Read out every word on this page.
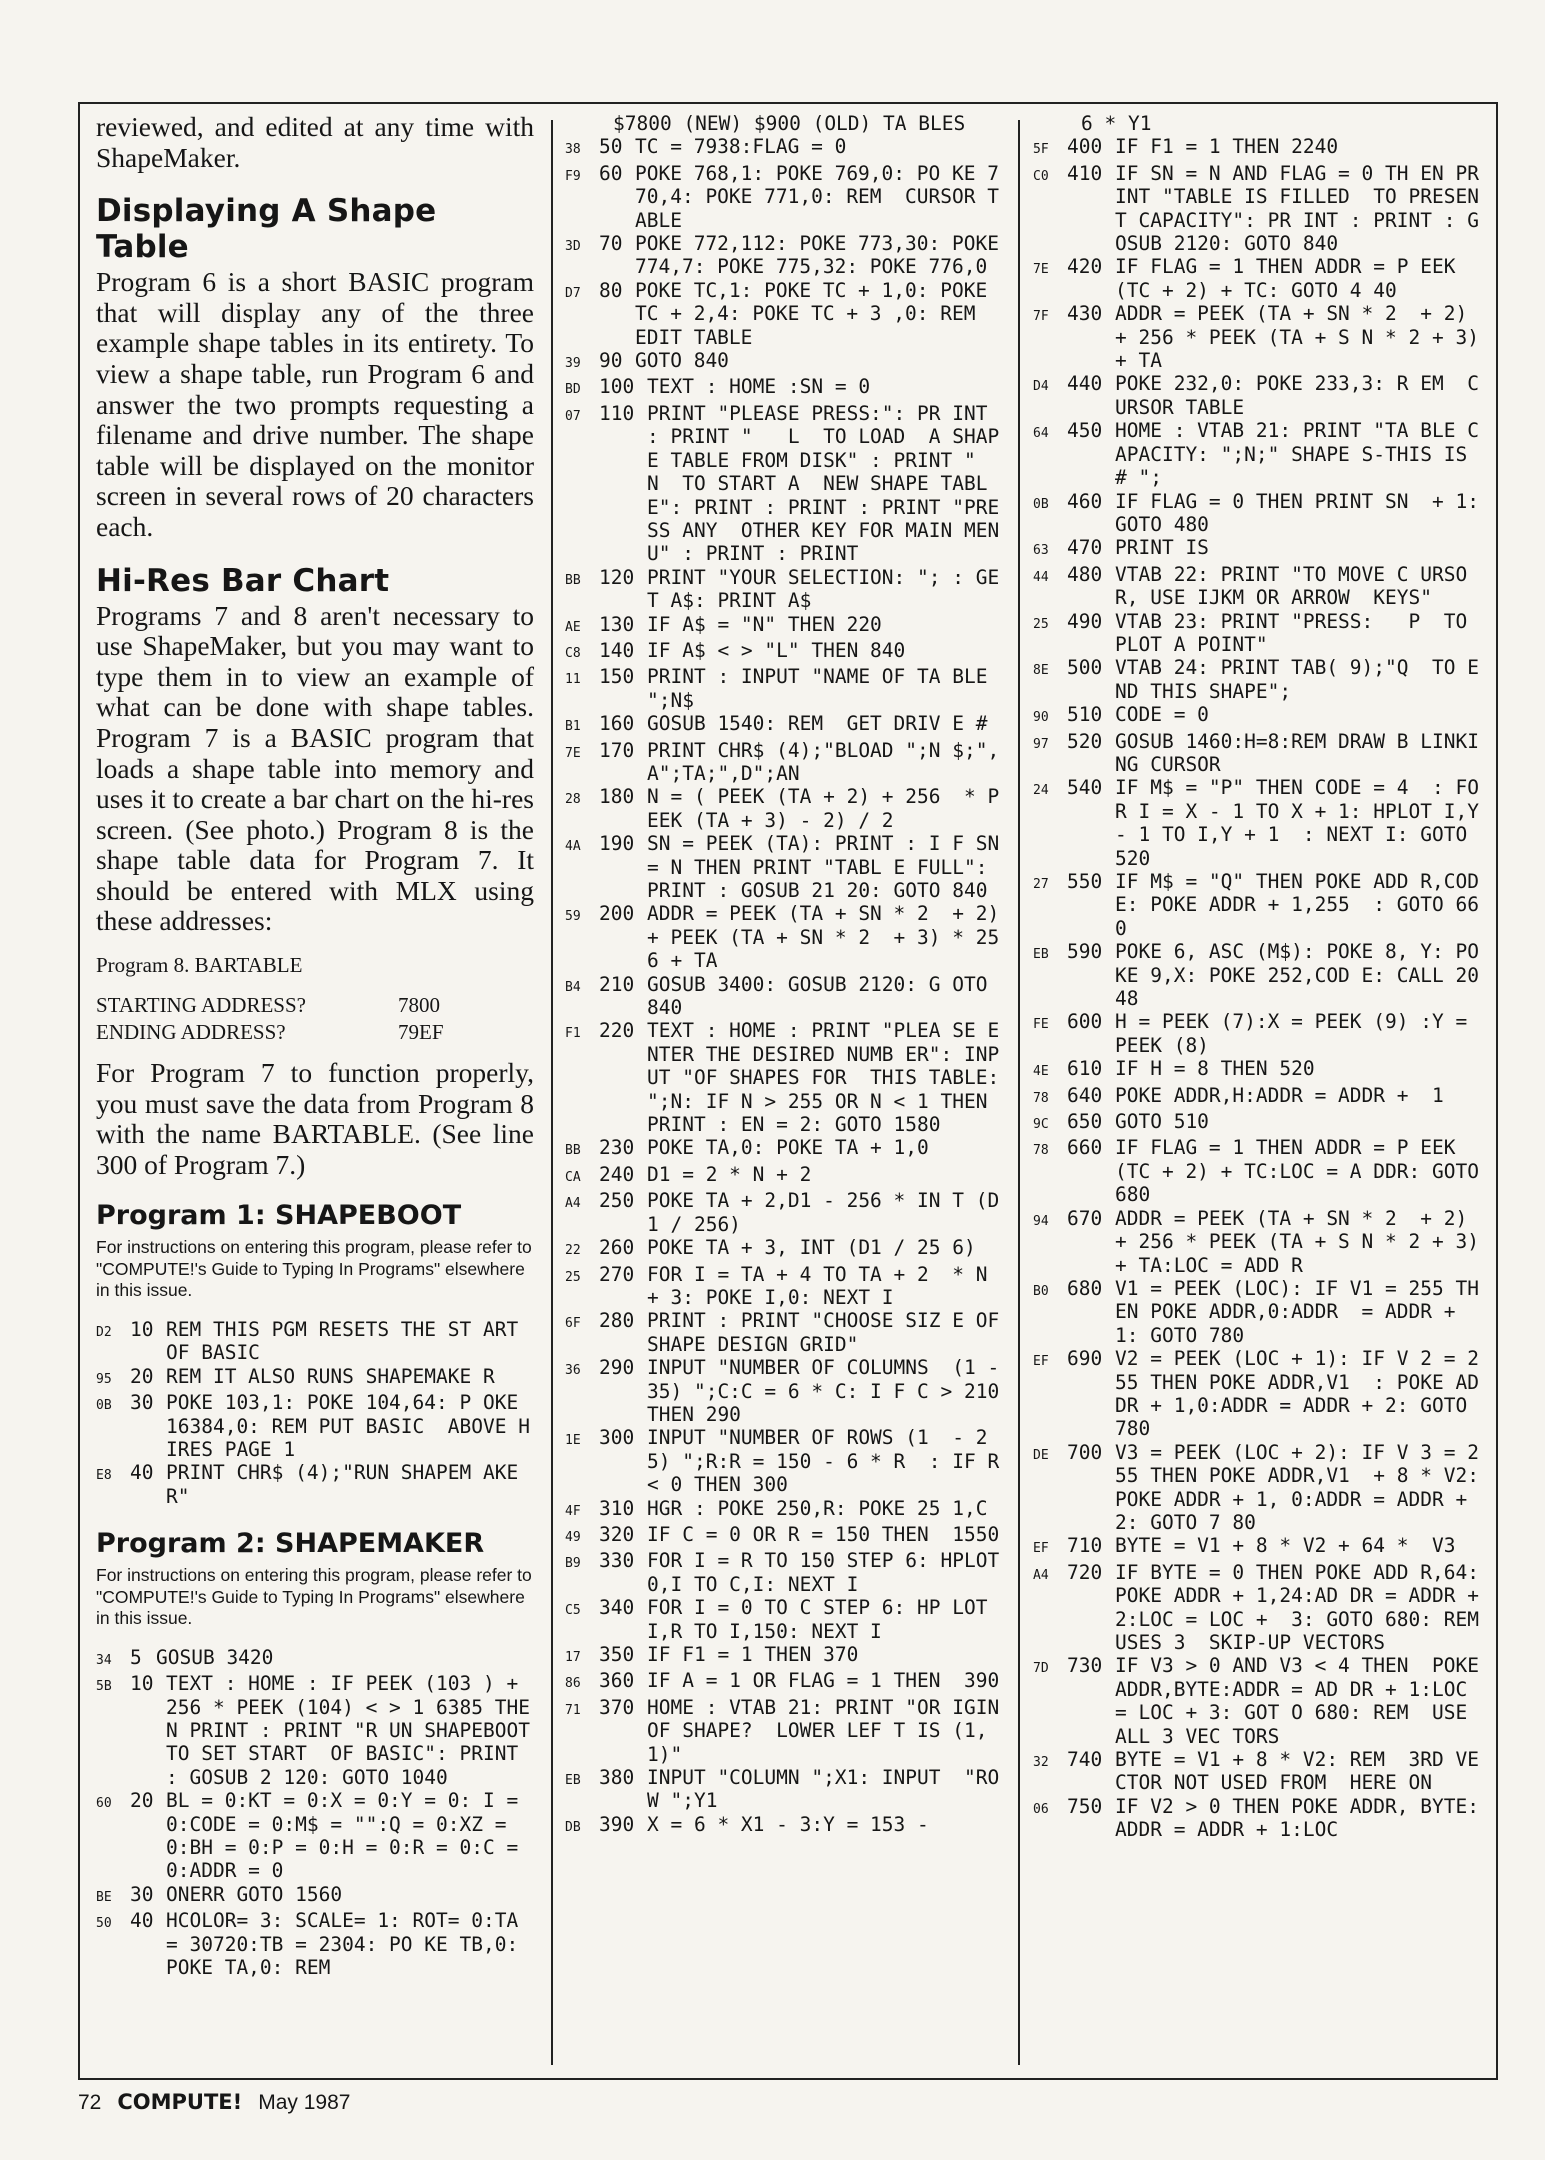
reviewed, and edited at any time with ShapeMaker.

Displaying A Shape Table

Program 6 is a short BASIC program that will display any of the three example shape tables in its entirety. To view a shape table, run Program 6 and answer the two prompts requesting a filename and drive number. The shape table will be displayed on the monitor screen in several rows of 20 characters each.

Hi-Res Bar Chart

Programs 7 and 8 aren't necessary to use ShapeMaker, but you may want to type them in to view an example of what can be done with shape tables. Program 7 is a BASIC program that loads a shape table into memory and uses it to create a bar chart on the hi-res screen. (See photo.) Program 8 is the shape table data for Program 7. It should be entered with MLX using these addresses:

Program 8. BARTABLE
STARTING ADDRESS?	7800
ENDING ADDRESS?	79EF

For Program 7 to function properly, you must save the data from Program 8 with the name BARTABLE. (See line 300 of Program 7.)

Program 1: SHAPEBOOT

For instructions on entering this program, please refer to "COMPUTE!'s Guide to Typing In Programs" elsewhere in this issue.

D2 10 REM THIS PGM RESETS THE ST ART OF BASIC
95 20 REM IT ALSO RUNS SHAPEMAKE R
0B 30 POKE 103,1: POKE 104,64: P OKE 16384,0: REM PUT BASIC  ABOVE HIRES PAGE 1
E8 40 PRINT CHR$ (4);"RUN SHAPEM AKER"
Program 2: SHAPEMAKER

For instructions on entering this program, please refer to "COMPUTE!'s Guide to Typing In Programs" elsewhere in this issue.

34 5 GOSUB 3420
5B 10 TEXT : HOME : IF PEEK (103 ) + 256 * PEEK (104) < > 1 6385 THEN PRINT : PRINT "R UN SHAPEBOOT TO SET START  OF BASIC": PRINT : GOSUB 2 120: GOTO 1040
60 20 BL = 0:KT = 0:X = 0:Y = 0: I = 0:CODE = 0:M$ = "":Q = 0:XZ = 0:BH = 0:P = 0:H = 0:R = 0:C = 0:ADDR = 0
BE 30 ONERR GOTO 1560
50 40 HCOLOR= 3: SCALE= 1: ROT= 0:TA = 30720:TB = 2304: PO KE TB,0: POKE TA,0: REM
$7800 (NEW) $900 (OLD) TA BLES
38 50 TC = 7938:FLAG = 0
F9 60 POKE 768,1: POKE 769,0: PO KE 770,4: POKE 771,0: REM  CURSOR TABLE
3D 70 POKE 772,112: POKE 773,30: POKE 774,7: POKE 775,32: POKE 776,0
D7 80 POKE TC,1: POKE TC + 1,0: POKE TC + 2,4: POKE TC + 3 ,0: REM  EDIT TABLE
39 90 GOTO 840
BD 100 TEXT : HOME :SN = 0
07 110 PRINT "PLEASE PRESS:": PR INT : PRINT "   L  TO LOAD  A SHAPE TABLE FROM DISK" : PRINT "   N  TO START A  NEW SHAPE TABLE": PRINT : PRINT : PRINT "PRESS ANY  OTHER KEY FOR MAIN MENU" : PRINT : PRINT
BB 120 PRINT "YOUR SELECTION: "; : GET A$: PRINT A$
AE 130 IF A$ = "N" THEN 220
C8 140 IF A$ < > "L" THEN 840
11 150 PRINT : INPUT "NAME OF TA BLE ";N$
B1 160 GOSUB 1540: REM  GET DRIV E #
7E 170 PRINT CHR$ (4);"BLOAD ";N $;",A";TA;",D";AN
28 180 N = ( PEEK (TA + 2) + 256  * PEEK (TA + 3) - 2) / 2
4A 190 SN = PEEK (TA): PRINT : I F SN = N THEN PRINT "TABL E FULL": PRINT : GOSUB 21 20: GOTO 840
59 200 ADDR = PEEK (TA + SN * 2  + 2) + PEEK (TA + SN * 2  + 3) * 256 + TA
B4 210 GOSUB 3400: GOSUB 2120: G OTO 840
F1 220 TEXT : HOME : PRINT "PLEA SE ENTER THE DESIRED NUMB ER": INPUT "OF SHAPES FOR  THIS TABLE: ";N: IF N > 255 OR N < 1 THEN PRINT : EN = 2: GOTO 1580
BB 230 POKE TA,0: POKE TA + 1,0
CA 240 D1 = 2 * N + 2
A4 250 POKE TA + 2,D1 - 256 * IN T (D1 / 256)
22 260 POKE TA + 3, INT (D1 / 25 6)
25 270 FOR I = TA + 4 TO TA + 2  * N + 3: POKE I,0: NEXT I
6F 280 PRINT : PRINT "CHOOSE SIZ E OF SHAPE DESIGN GRID"
36 290 INPUT "NUMBER OF COLUMNS  (1 - 35) ";C:C = 6 * C: I F C > 210 THEN 290
1E 300 INPUT "NUMBER OF ROWS (1  - 25) ";R:R = 150 - 6 * R  : IF R < 0 THEN 300
4F 310 HGR : POKE 250,R: POKE 25 1,C
49 320 IF C = 0 OR R = 150 THEN  1550
B9 330 FOR I = R TO 150 STEP 6: HPLOT 0,I TO C,I: NEXT I
C5 340 FOR I = 0 TO C STEP 6: HP LOT I,R TO I,150: NEXT I
17 350 IF F1 = 1 THEN 370
86 360 IF A = 1 OR FLAG = 1 THEN  390
71 370 HOME : VTAB 21: PRINT "OR IGIN OF SHAPE?  LOWER LEF T IS (1,1)"
EB 380 INPUT "COLUMN ";X1: INPUT  "ROW ";Y1
DB 390 X = 6 * X1 - 3:Y = 153 -
6 * Y1
5F 400 IF F1 = 1 THEN 2240
C0 410 IF SN = N AND FLAG = 0 TH EN PRINT "TABLE IS FILLED  TO PRESENT CAPACITY": PR INT : PRINT : GOSUB 2120: GOTO 840
7E 420 IF FLAG = 1 THEN ADDR = P EEK (TC + 2) + TC: GOTO 4 40
7F 430 ADDR = PEEK (TA + SN * 2  + 2) + 256 * PEEK (TA + S N * 2 + 3) + TA
D4 440 POKE 232,0: POKE 233,3: R EM  CURSOR TABLE
64 450 HOME : VTAB 21: PRINT "TA BLE CAPACITY: ";N;" SHAPE S-THIS IS # ";
0B 460 IF FLAG = 0 THEN PRINT SN  + 1: GOTO 480
63 470 PRINT IS
44 480 VTAB 22: PRINT "TO MOVE C URSOR, USE IJKM OR ARROW  KEYS"
25 490 VTAB 23: PRINT "PRESS:   P  TO PLOT A POINT"
8E 500 VTAB 24: PRINT TAB( 9);"Q  TO END THIS SHAPE";
90 510 CODE = 0
97 520 GOSUB 1460:H=8:REM DRAW B LINKING CURSOR
24 540 IF M$ = "P" THEN CODE = 4  : FOR I = X - 1 TO X + 1: HPLOT I,Y - 1 TO I,Y + 1  : NEXT I: GOTO 520
27 550 IF M$ = "Q" THEN POKE ADD R,CODE: POKE ADDR + 1,255  : GOTO 660
EB 590 POKE 6, ASC (M$): POKE 8, Y: POKE 9,X: POKE 252,COD E: CALL 2048
FE 600 H = PEEK (7):X = PEEK (9) :Y = PEEK (8)
4E 610 IF H = 8 THEN 520
78 640 POKE ADDR,H:ADDR = ADDR +  1
9C 650 GOTO 510
78 660 IF FLAG = 1 THEN ADDR = P EEK (TC + 2) + TC:LOC = A DDR: GOTO 680
94 670 ADDR = PEEK (TA + SN * 2  + 2) + 256 * PEEK (TA + S N * 2 + 3) + TA:LOC = ADD R
B0 680 V1 = PEEK (LOC): IF V1 = 255 THEN POKE ADDR,0:ADDR  = ADDR + 1: GOTO 780
EF 690 V2 = PEEK (LOC + 1): IF V 2 = 255 THEN POKE ADDR,V1  : POKE ADDR + 1,0:ADDR = ADDR + 2: GOTO 780
DE 700 V3 = PEEK (LOC + 2): IF V 3 = 255 THEN POKE ADDR,V1  + 8 * V2: POKE ADDR + 1, 0:ADDR = ADDR + 2: GOTO 7 80
EF 710 BYTE = V1 + 8 * V2 + 64 *  V3
A4 720 IF BYTE = 0 THEN POKE ADD R,64: POKE ADDR + 1,24:AD DR = ADDR + 2:LOC = LOC +  3: GOTO 680: REM  USES 3  SKIP-UP VECTORS
7D 730 IF V3 > 0 AND V3 < 4 THEN  POKE ADDR,BYTE:ADDR = AD DR + 1:LOC = LOC + 3: GOT O 680: REM  USE ALL 3 VEC TORS
32 740 BYTE = V1 + 8 * V2: REM  3RD VECTOR NOT USED FROM  HERE ON
06 750 IF V2 > 0 THEN POKE ADDR, BYTE:ADDR = ADDR + 1:LOC
72 COMPUTE! May 1987
